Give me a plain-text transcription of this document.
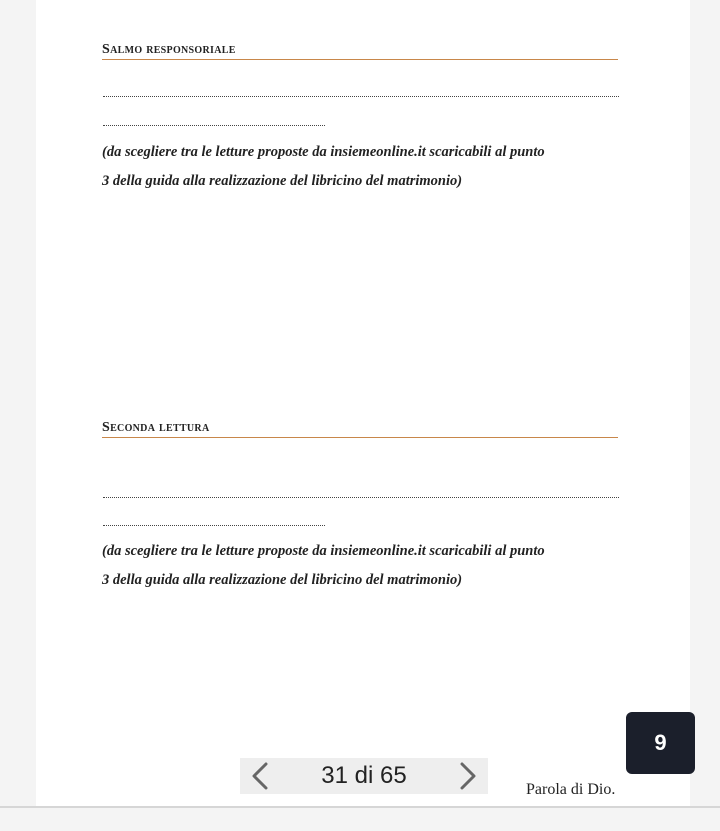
Salmo responsoriale

(da scegliere tra le letture proposte da insiemeonline.it scaricabili al punto
3 della guida alla realizzazione del libricino del matrimonio)

Seconda lettura

(da scegliere tra le letture proposte da insiemeonline.it scaricabili al punto
3 della guida alla realizzazione del libricino del matrimonio)

9
31 di 65
Parola di Dio.
